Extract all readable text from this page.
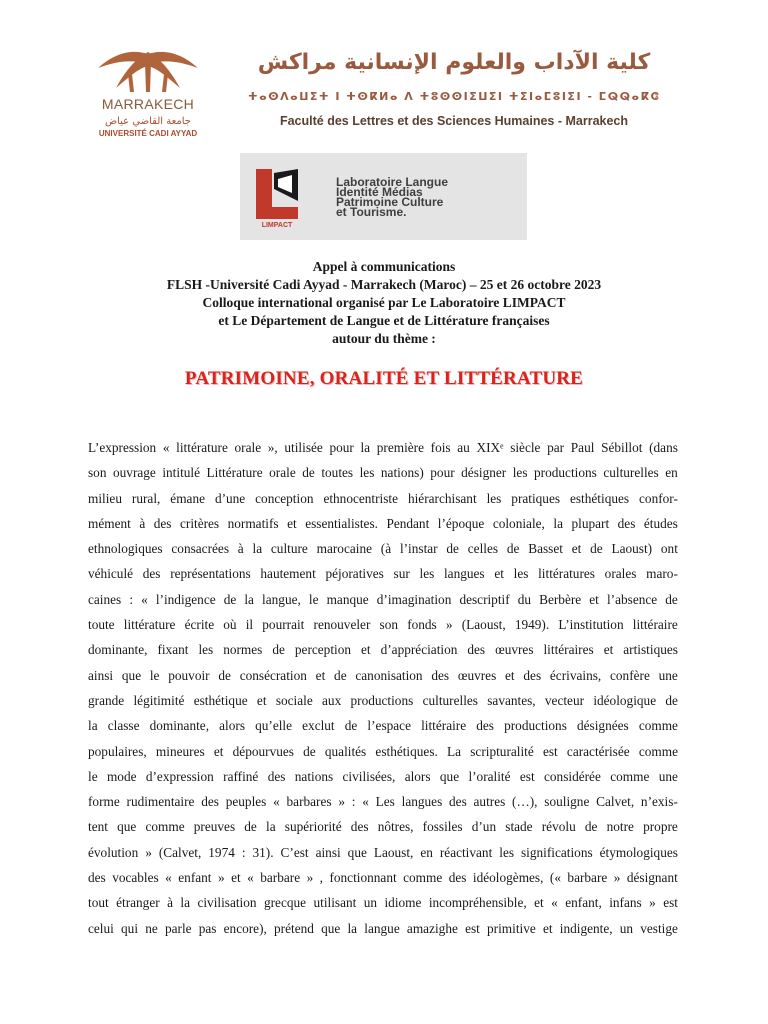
MARRAKECH
جامعة القاضي عياض
UNIVERSITÉ CADI AYYAD
كلية الآداب والعلوم الإنسانية مراكش
ⵜⴰⵙⴷⴰⵡⵉⵜ ⵏ ⵜⵙⴽⵍⴰ ⴷ ⵜⵓⵙⵙⵏⵉⵡⵉⵏ ⵜⵉⵏⴰⵎⵓⵏⵉⵏ - ⵎⵕⵕⴰⴽⵛ
Faculté des Lettres et des Sciences Humaines - Marrakech
LIMPACT
Laboratoire Langue
Identité Médias
Patrimoine Culture
et Tourisme.
Appel à communications
FLSH -Université Cadi Ayyad - Marrakech (Maroc) – 25 et 26 octobre 2023
Colloque international organisé par Le Laboratoire LIMPACT
et Le Département de Langue et de Littérature françaises
autour du thème :
PATRIMOINE, ORALITÉ ET LITTÉRATURE
L’expression « littérature orale », utilisée pour la première fois au XIXᵉ siècle par Paul Sébillot (dans
son ouvrage intitulé Littérature orale de toutes les nations) pour désigner les productions culturelles en
milieu rural, émane d’une conception ethnocentriste hiérarchisant les pratiques esthétiques confor-
mément à des critères normatifs et essentialistes. Pendant l’époque coloniale, la plupart des études
ethnologiques consacrées à la culture marocaine (à l’instar de celles de Basset et de Laoust) ont
véhiculé des représentations hautement péjoratives sur les langues et les littératures orales maro-
caines : « l’indigence de la langue, le manque d’imagination descriptif du Berbère et l’absence de
toute littérature écrite où il pourrait renouveler son fonds » (Laoust, 1949). L’institution littéraire
dominante, fixant les normes de perception et d’appréciation des œuvres littéraires et artistiques
ainsi que le pouvoir de consécration et de canonisation des œuvres et des écrivains, confère une
grande légitimité esthétique et sociale aux productions culturelles savantes, vecteur idéologique de
la classe dominante, alors qu’elle exclut de l’espace littéraire des productions désignées comme
populaires, mineures et dépourvues de qualités esthétiques. La scripturalité est caractérisée comme
le mode d’expression raffiné des nations civilisées, alors que l’oralité est considérée comme une
forme rudimentaire des peuples « barbares » : « Les langues des autres (…), souligne Calvet, n’exis-
tent que comme preuves de la supériorité des nôtres, fossiles d’un stade révolu de notre propre
évolution » (Calvet, 1974 : 31). C’est ainsi que Laoust, en réactivant les significations étymologiques
des vocables « enfant » et « barbare » , fonctionnant comme des idéologèmes, (« barbare » désignant
tout étranger à la civilisation grecque utilisant un idiome incompréhensible, et « enfant, infans » est
celui qui ne parle pas encore), prétend que la langue amazighe est primitive et indigente, un vestige
